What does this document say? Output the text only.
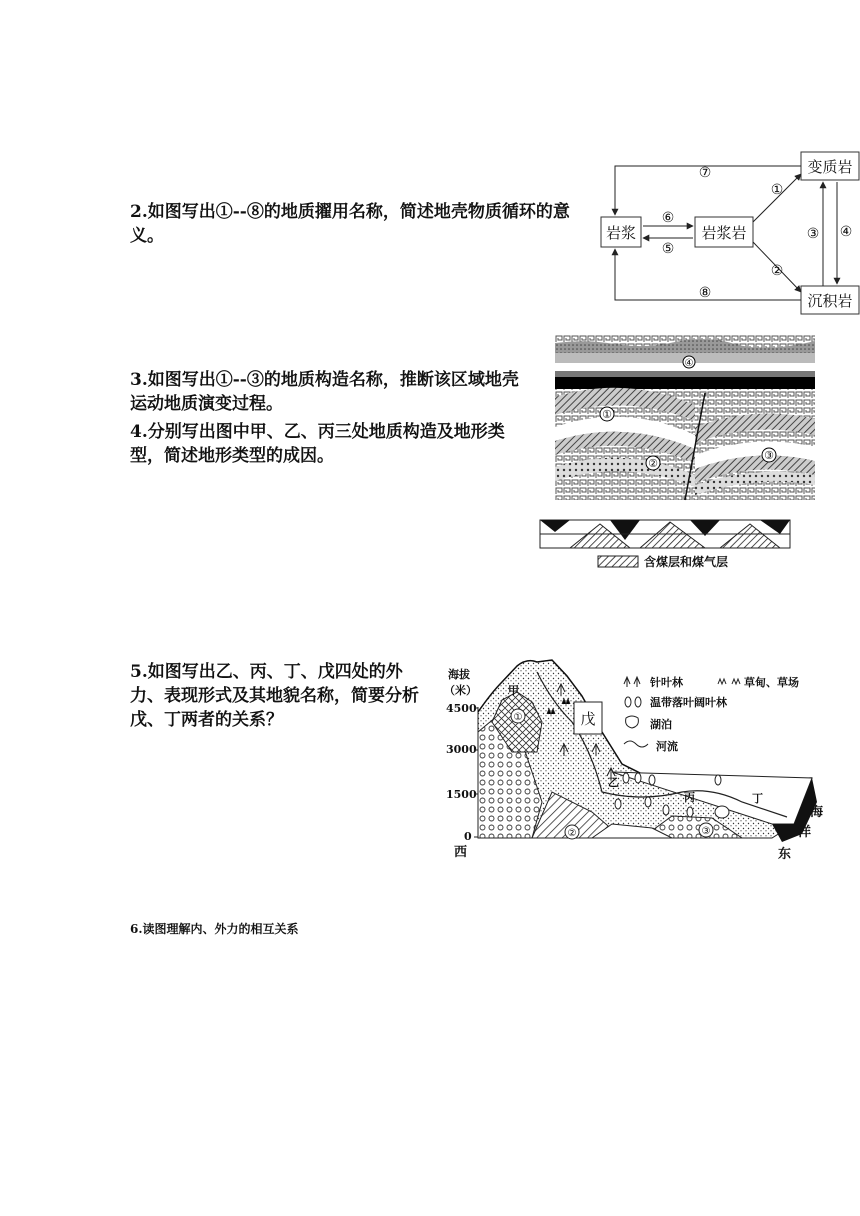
2.如图写出①--⑧的地质擢用名称，简述地壳物质循环的意义。	岩浆	岩浆岩
变质岩
沉积岩
⑦
⑥
⑤
①
②
③ ④
⑧
3.如图写出①--③的地质构造名称，推断该区域地壳运动地质演变过程。
4.分别写出图中甲、乙、丙三处地质构造及地形类型，简述地形类型的成因。
④
①
②
③
含煤层和煤气层
5.如图写出乙、丙、丁、戊四处的外力、表现形式及其地貌名称，简要分析戊、丁两者的关系？
海拔
（米）
4500
3000
1500
0
甲
①
②	③
乙
丙	丁
戊
海
洋
西	东
针叶林	草甸、草场
温带落叶阔叶林
湖泊
河流
6.读图理解内、外力的相互关系
